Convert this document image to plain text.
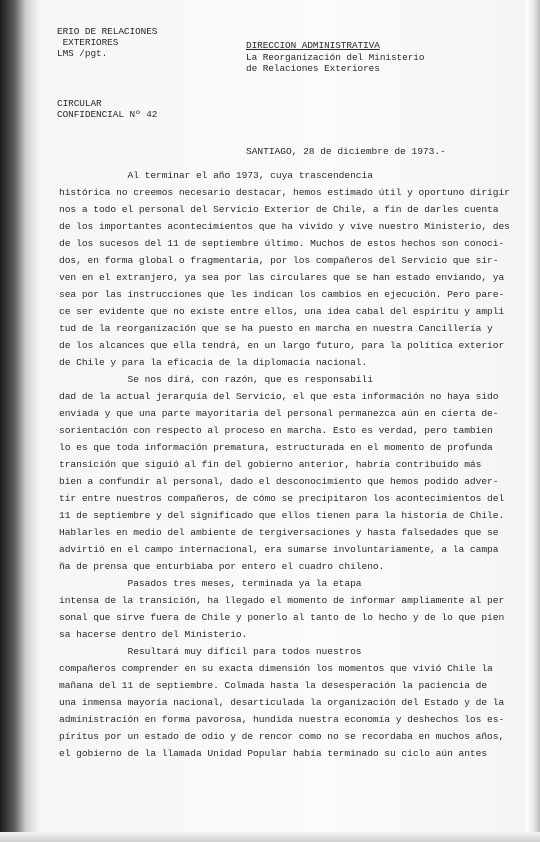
ERIO DE RELACIONES
EXTERIORES
LMS /pgt.
DIRECCION ADMINISTRATIVA
La Reorganización del Ministerio
de Relaciones Exteriores
CIRCULAR
CONFIDENCIAL Nº 42
SANTIAGO, 28 de diciembre de 1973.-
Al terminar el año 1973, cuya trascendencia
histórica no creemos necesario destacar, hemos estimado útil y oportuno dirigir
nos a todo el personal del Servicio Exterior de Chile, a fin de darles cuenta
de los importantes acontecimientos que ha vivido y vive nuestro Ministerio, des
de los sucesos del 11 de septiembre último. Muchos de estos hechos son conoci-
dos, en forma global o fragmentaria, por los compañeros del Servicio que sir-
ven en el extranjero, ya sea por las circulares que se han estado enviando, ya
sea por las instrucciones que les indican los cambios en ejecución. Pero pare-
ce ser evidente que no existe entre ellos, una idea cabal del espíritu y ampli
tud de la reorganización que se ha puesto en marcha en nuestra Cancillería y
de los alcances que ella tendrá, en un largo futuro, para la política exterior
de Chile y para la eficacia de la diplomacia nacional.
Se nos dirá, con razón, que es responsabili
dad de la actual jerarquía del Servicio, el que esta información no haya sido
enviada y que una parte mayoritaria del personal permanezca aún en cierta de-
sorientación con respecto al proceso en marcha. Esto es verdad, pero tambien
lo es que toda información prematura, estructurada en el momento de profunda
transición que siguió al fin del gobierno anterior, habría contribuido más
bien a confundir al personal, dado el desconocimiento que hemos podido adver-
tir entre nuestros compañeros, de cómo se precipitaron los acontecimientos del
11 de septiembre y del significado que ellos tienen para la historia de Chile.
Hablarles en medio del ambiente de tergiversaciones y hasta falsedades que se
advirtió en el campo internacional, era sumarse involuntariamente, a la campa
ña de prensa que enturbiaba por entero el cuadro chileno.
Pasados tres meses, terminada ya la etapa
intensa de la transición, ha llegado el momento de informar ampliamente al per
sonal que sirve fuera de Chile y ponerlo al tanto de lo hecho y de lo que pien
sa hacerse dentro del Ministerio.
Resultará muy difícil para todos nuestros
compañeros comprender en su exacta dimensión los momentos que vivió Chile la
mañana del 11 de septiembre. Colmada hasta la desesperación la paciencia de
una inmensa mayoría nacional, desarticulada la organización del Estado y de la
administración en forma pavorosa, hundida nuestra economía y deshechos los es-
píritus por un estado de odio y de rencor como no se recordaba en muchos años,
el gobierno de la llamada Unidad Popular había terminado su ciclo aún antes
